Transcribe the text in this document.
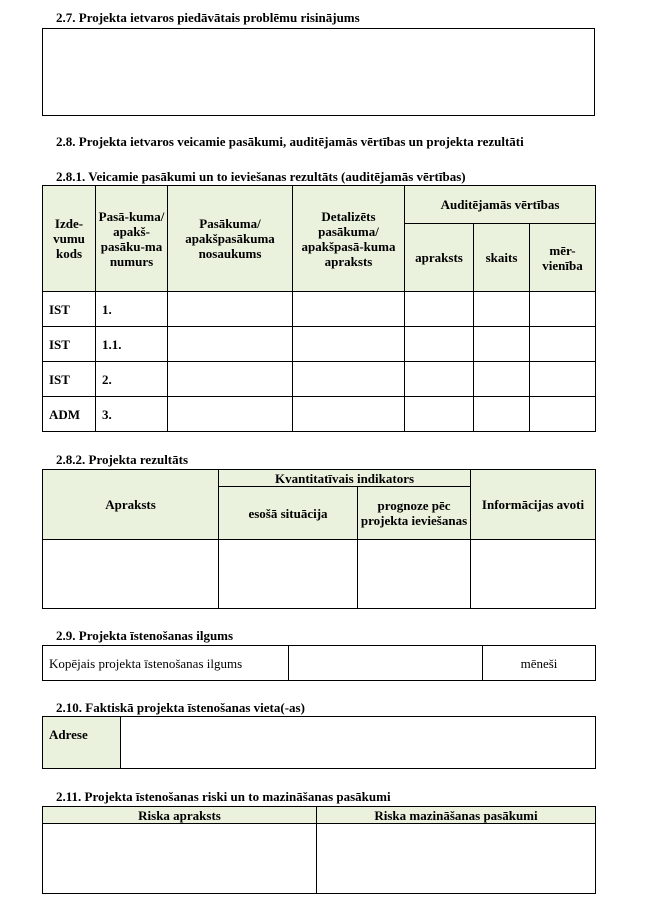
2.7. Projekta ietvaros piedāvātais problēmu risinājums
2.8. Projekta ietvaros veicamie pasākumi, auditējamās vērtības un projekta rezultāti
2.8.1. Veicamie pasākumi un to ieviešanas rezultāts (auditējamās vērtības)
Izde-vumu kods	Pasā-kuma/ apakš-pasāku-ma numurs	Pasākuma/ apakšpasākuma nosaukums	Detalizēts pasākuma/ apakšpasā-kuma apraksts	Auditējamās vērtības		
				apraksts	skaits	mēr-vienība
IST	1.					
IST	1.1.					
IST	2.					
ADM	3.					
2.8.2. Projekta rezultāts
Apraksts	Kvantitatīvais indikators		Informācijas avoti
	esošā situācija	prognoze pēc projekta ieviešanas	

2.9. Projekta īstenošanas ilgums
Kopējais projekta īstenošanas ilgums		mēneši
2.10. Faktiskā projekta īstenošanas vieta(-as)
Adrese	
2.11. Projekta īstenošanas riski un to mazināšanas pasākumi
Riska apraksts	Riska mazināšanas pasākumi
